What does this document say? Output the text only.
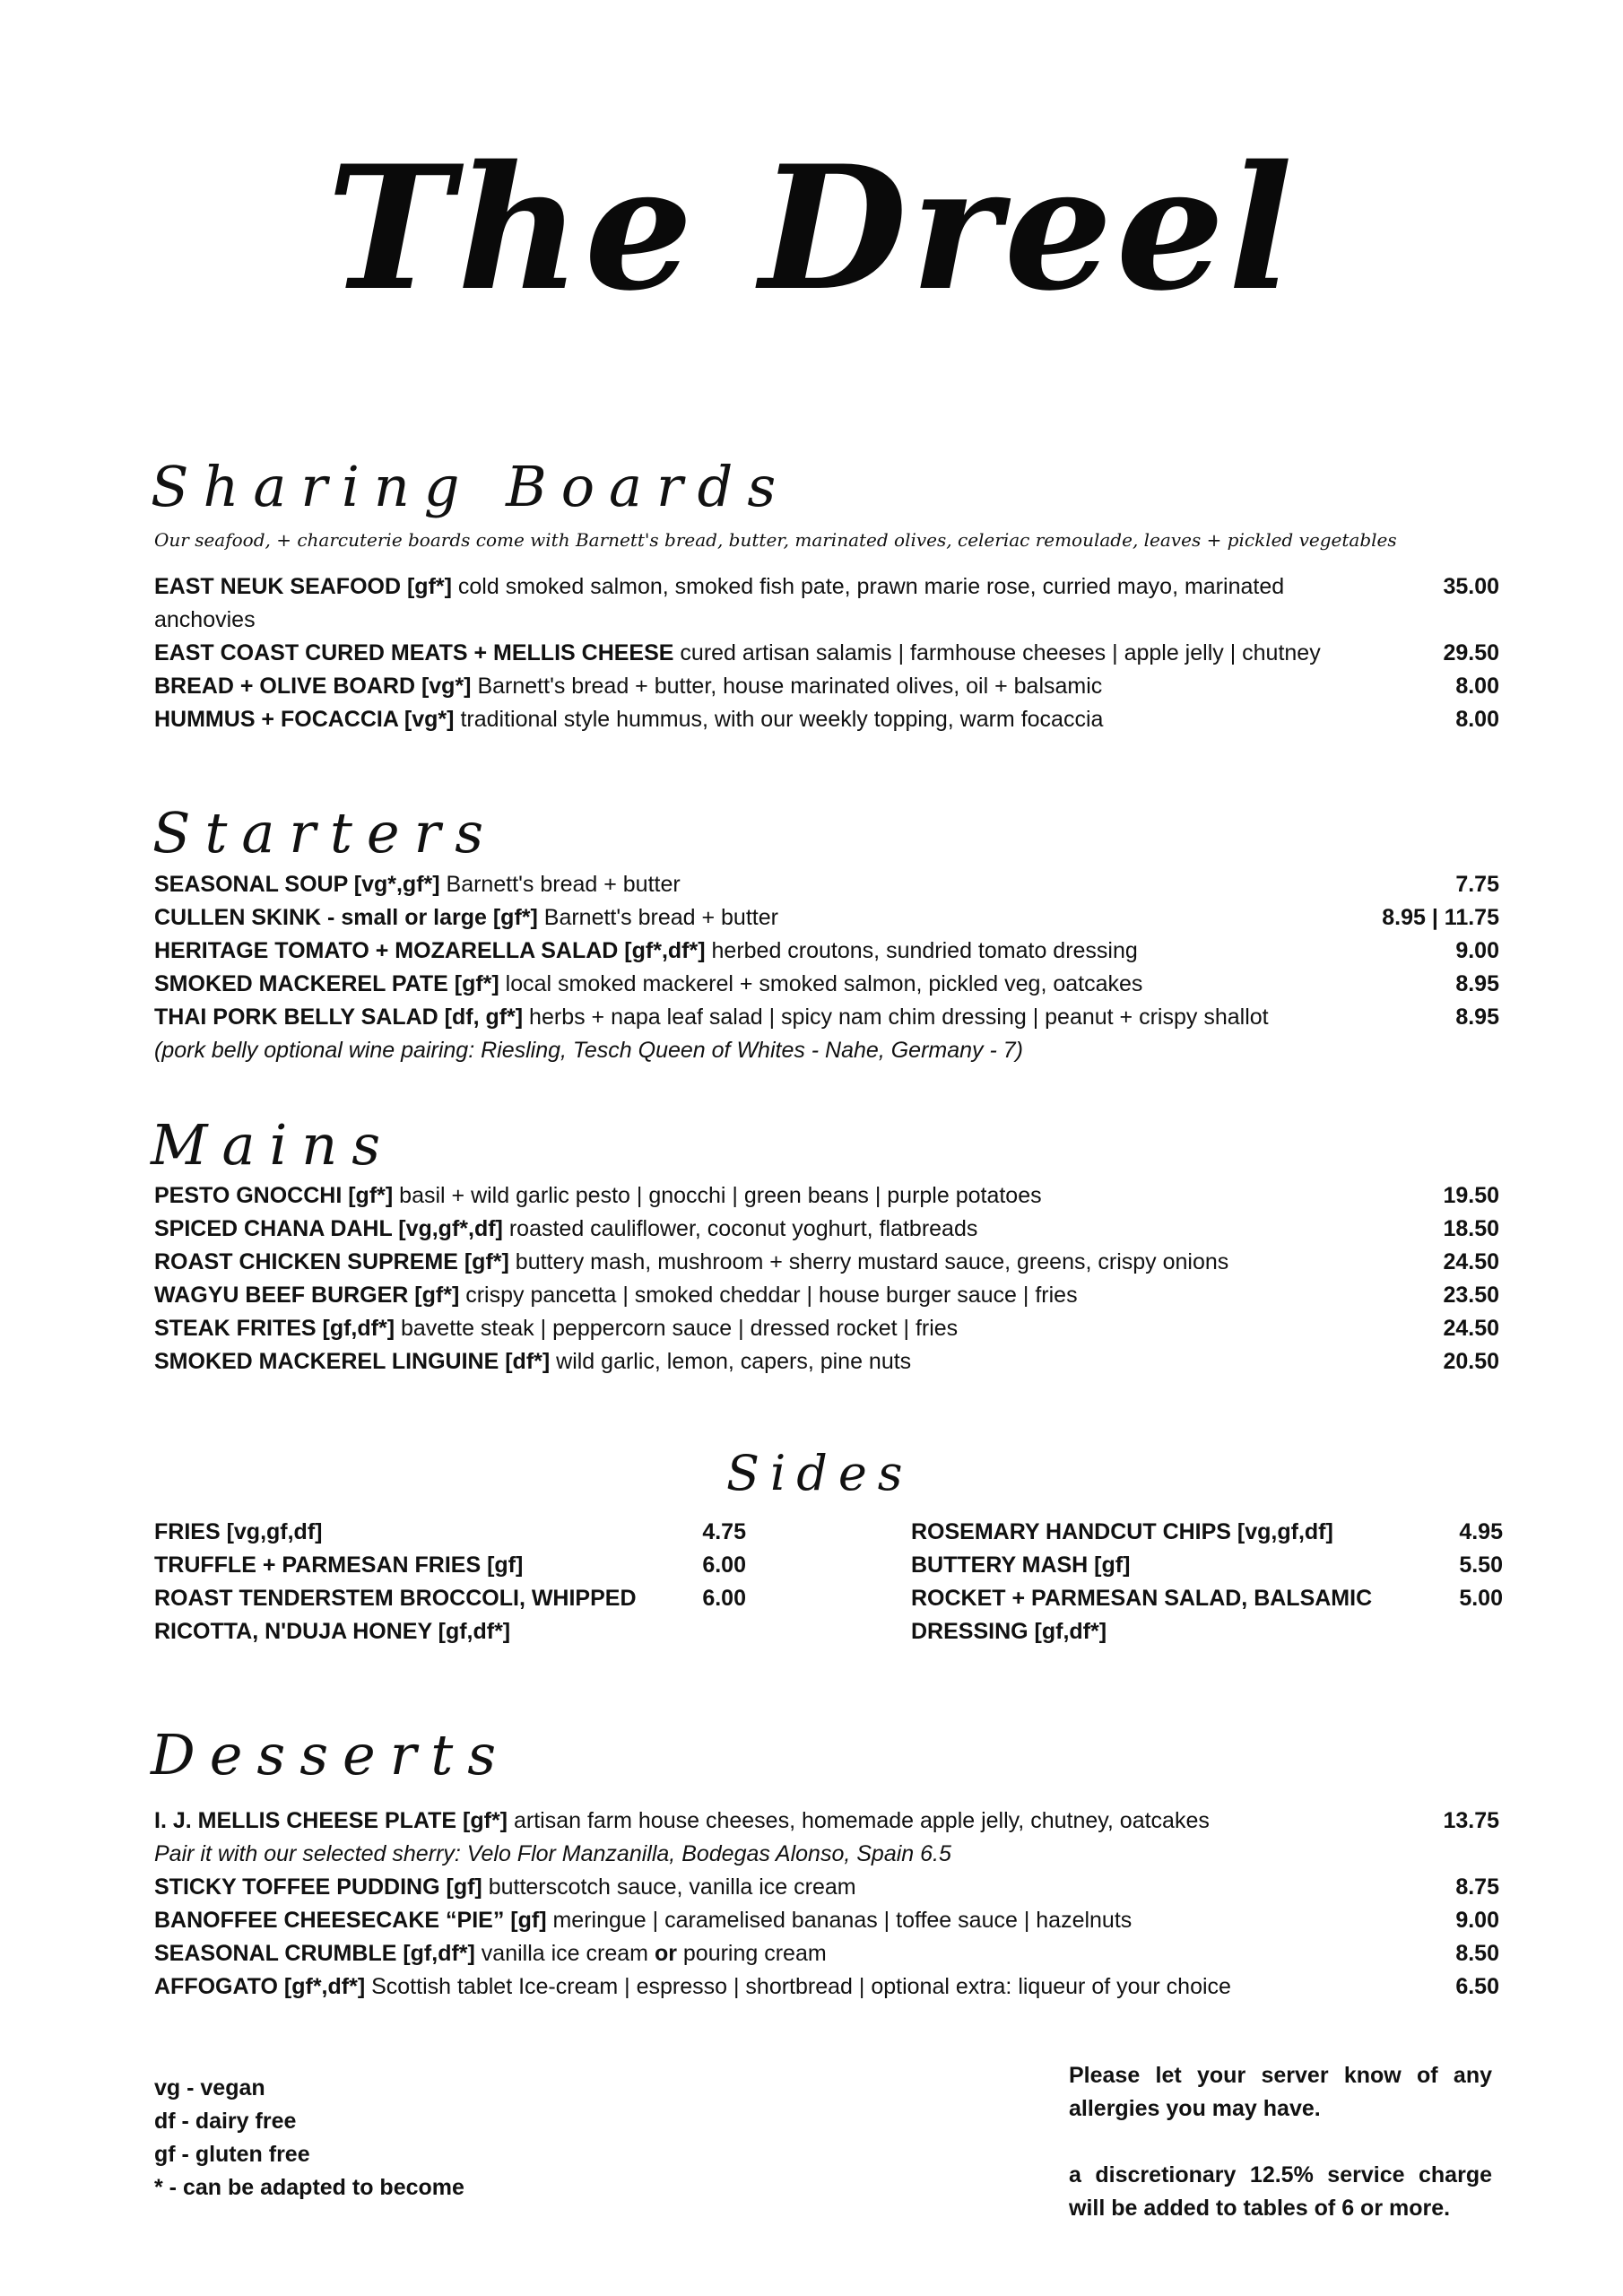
The Dreel
Sharing Boards
Our seafood, + charcuterie boards come with Barnett's bread, butter, marinated olives, celeriac remoulade, leaves + pickled vegetables
EAST NEUK SEAFOOD [gf*] cold smoked salmon, smoked fish pate, prawn marie rose, curried mayo, marinated anchovies
35.00
EAST COAST CURED MEATS + MELLIS CHEESE cured artisan salamis | farmhouse cheeses | apple jelly | chutney	29.50
BREAD + OLIVE BOARD [vg*] Barnett's bread + butter, house marinated olives, oil + balsamic	8.00
HUMMUS + FOCACCIA [vg*] traditional style hummus, with our weekly topping, warm focaccia	8.00
Starters
SEASONAL SOUP [vg*,gf*] Barnett's bread + butter	7.75
CULLEN SKINK - small or large [gf*] Barnett's bread + butter	8.95 | 11.75
HERITAGE TOMATO + MOZARELLA SALAD [gf*,df*] herbed croutons, sundried tomato dressing	9.00
SMOKED MACKEREL PATE [gf*] local smoked mackerel + smoked salmon, pickled veg, oatcakes	8.95
THAI PORK BELLY SALAD [df, gf*] herbs + napa leaf salad | spicy nam chim dressing | peanut + crispy shallot	8.95
(pork belly optional wine pairing: Riesling, Tesch Queen of Whites - Nahe, Germany - 7)
Mains
PESTO GNOCCHI [gf*] basil + wild garlic pesto | gnocchi | green beans | purple potatoes	19.50
SPICED CHANA DAHL [vg,gf*,df] roasted cauliflower, coconut yoghurt, flatbreads	18.50
ROAST CHICKEN SUPREME [gf*] buttery mash, mushroom + sherry mustard sauce, greens, crispy onions	24.50
WAGYU BEEF BURGER [gf*] crispy pancetta | smoked cheddar | house burger sauce | fries	23.50
STEAK FRITES [gf,df*] bavette steak | peppercorn sauce | dressed rocket | fries	24.50
SMOKED MACKEREL LINGUINE [df*] wild garlic, lemon, capers, pine nuts	20.50
Sides
FRIES [vg,gf,df]	4.75
TRUFFLE + PARMESAN FRIES [gf]	6.00
ROAST TENDERSTEM BROCCOLI, WHIPPED RICOTTA, N'DUJA HONEY [gf,df*]
6.00
ROSEMARY HANDCUT CHIPS [vg,gf,df]	4.95
BUTTERY MASH [gf]	5.50
ROCKET + PARMESAN SALAD, BALSAMIC DRESSING [gf,df*]
5.00
Desserts
I. J. MELLIS CHEESE PLATE [gf*] artisan farm house cheeses, homemade apple jelly, chutney, oatcakes	13.75
Pair it with our selected sherry: Velo Flor Manzanilla, Bodegas Alonso, Spain 6.5
STICKY TOFFEE PUDDING [gf] butterscotch sauce, vanilla ice cream	8.75
BANOFFEE CHEESECAKE “PIE” [gf] meringue | caramelised bananas | toffee sauce | hazelnuts	9.00
SEASONAL CRUMBLE [gf,df*] vanilla ice cream or pouring cream	8.50
AFFOGATO [gf*,df*] Scottish tablet Ice-cream | espresso | shortbread | optional extra: liqueur of your choice	6.50
vg - vegan
df - dairy free
gf - gluten free
* - can be adapted to become

Please let your server know of any allergies you may have.

a discretionary 12.5% service charge will be added to tables of 6 or more.
